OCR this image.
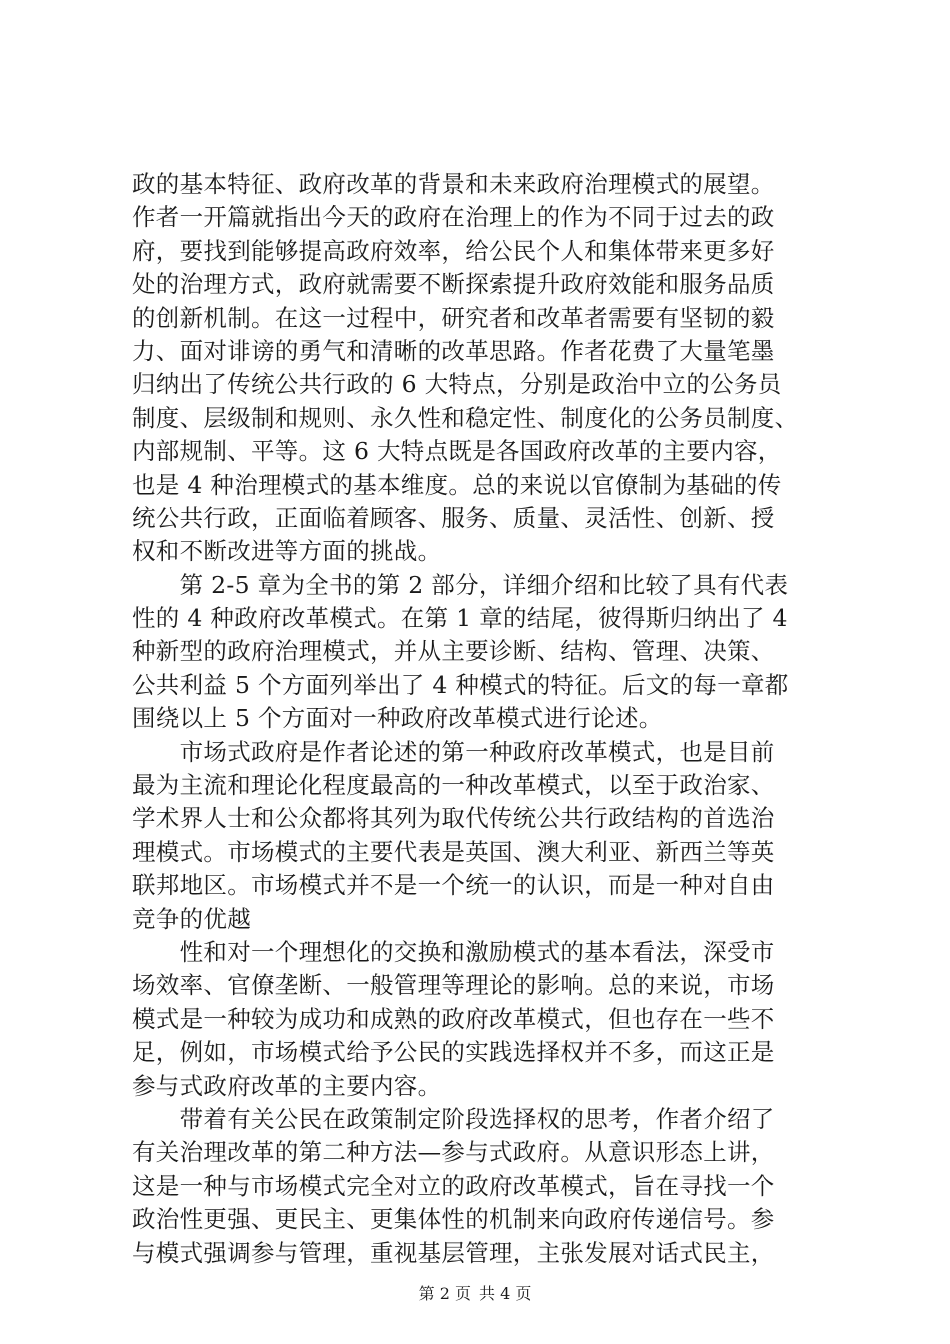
政的基本特征、政府改革的背景和未来政府治理模式的展望。
作者一开篇就指出今天的政府在治理上的作为不同于过去的政
府，要找到能够提高政府效率，给公民个人和集体带来更多好
处的治理方式，政府就需要不断探索提升政府效能和服务品质
的创新机制。在这一过程中，研究者和改革者需要有坚韧的毅
力、面对诽谤的勇气和清晰的改革思路。作者花费了大量笔墨
归纳出了传统公共行政的 6 大特点，分别是政治中立的公务员
制度、层级制和规则、永久性和稳定性、制度化的公务员制度、
内部规制、平等。这 6 大特点既是各国政府改革的主要内容，
也是 4 种治理模式的基本维度。总的来说以官僚制为基础的传
统公共行政，正面临着顾客、服务、质量、灵活性、创新、授
权和不断改进等方面的挑战。
　　第 2-5 章为全书的第 2 部分，详细介绍和比较了具有代表
性的 4 种政府改革模式。在第 1 章的结尾，彼得斯归纳出了 4
种新型的政府治理模式，并从主要诊断、结构、管理、决策、
公共利益 5 个方面列举出了 4 种模式的特征。后文的每一章都
围绕以上 5 个方面对一种政府改革模式进行论述。
　　市场式政府是作者论述的第一种政府改革模式，也是目前
最为主流和理论化程度最高的一种改革模式，以至于政治家、
学术界人士和公众都将其列为取代传统公共行政结构的首选治
理模式。市场模式的主要代表是英国、澳大利亚、新西兰等英
联邦地区。市场模式并不是一个统一的认识，而是一种对自由
竞争的优越
　　性和对一个理想化的交换和激励模式的基本看法，深受市
场效率、官僚垄断、一般管理等理论的影响。总的来说，市场
模式是一种较为成功和成熟的政府改革模式，但也存在一些不
足，例如，市场模式给予公民的实践选择权并不多，而这正是
参与式政府改革的主要内容。
　　带着有关公民在政策制定阶段选择权的思考，作者介绍了
有关治理改革的第二种方法—参与式政府。从意识形态上讲，
这是一种与市场模式完全对立的政府改革模式，旨在寻找一个
政治性更强、更民主、更集体性的机制来向政府传递信号。参
与模式强调参与管理，重视基层管理，主张发展对话式民主，
第 2 页 共 4 页
